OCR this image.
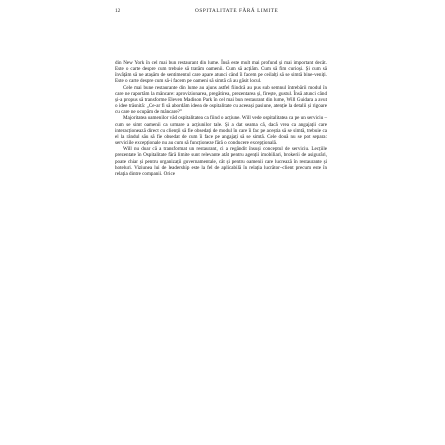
12	OSPITALITATE FĂRĂ LIMITE

din New York în cel mai bun restaurant din lume. Însă este mult mai profund și mai important decât. Este o carte despre cum trebuie să tratăm oamenii. Cum să acțiăm. Cum să fim curioși. Și cum să învățăm să ne atașăm de sentimentul care apare atunci când îi facem pe ceilalți să se simtă bine-veniți. Este o carte despre cum să-i facem pe oameni să simtă că au găsit locul.

Cele mai bune restaurante din lume au ajuns astfel fiindcă au pus sub semnul întrebării modul în care ne raportăm la mâncare: aprovizionarea, pregătirea, prezentarea și, firește, gustul. Însă atunci când și-a propus să transforme Eleven Madison Park în cel mai bun restaurant din lume, Will Guidara a avut o idee trăsnită: „Ce-ar fi să abordăm ideea de ospitalitate cu aceeași pasiune, atenție la detalii și rigoare cu care ne ocupăm de mâncare?”

Majoritatea oamenilor văd ospitalitatea ca fiind o acțiune. Will vede ospitalitatea ca pe un serviciu – cum se simt oamenii ca urmare a acțiunilor tale. Și a dat seama că, dacă vrea ca angajații care interacționează direct cu clienții să fie obsedați de modul în care îi fac pe aceștia să se simtă, trebuie ca el la rândul său să fie obsedat de cum îi face pe angajați să se simtă. Cele două nu se pot separa: serviciile excepționale nu au cum să funcționeze fără o conducere excepțională.

Will nu doar că a transformat un restaurant, ci a regândit însuși conceptul de serviciu. Lecțiile prezentate în Ospitalitate fără limite sunt relevante atât pentru agenții imobiliari, brokerii de asigurări, poate chiar și pentru organizații guvernamentale, cât și pentru oamenii care lucrează în restaurante și hoteluri. Viziunea lui de leadership este la fel de aplicabilă în relația lucrător–client precum este în relația dintre companii. Orice
